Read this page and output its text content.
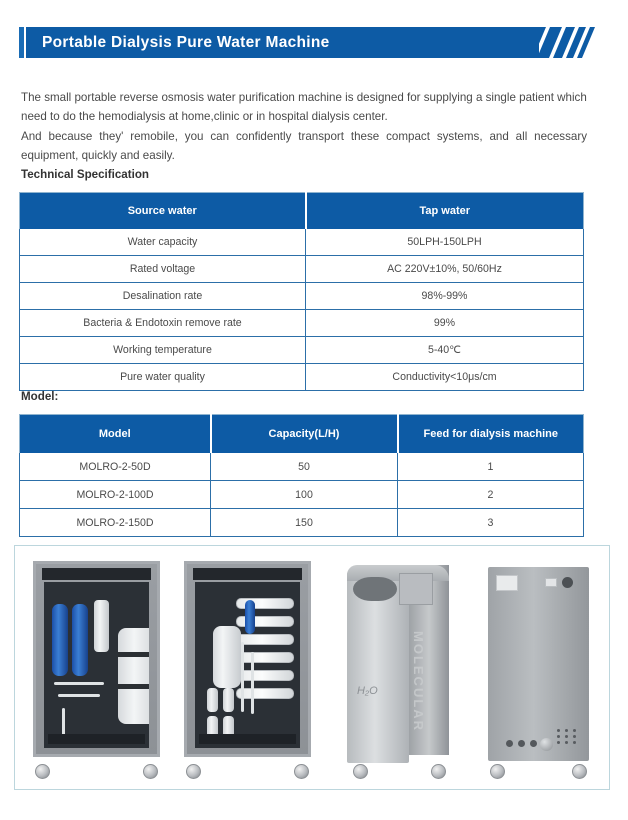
Portable Dialysis Pure Water Machine

The small portable reverse osmosis water purification machine is designed for supplying a single patient which need to do the hemodialysis at home,clinic or in hospital dialysis center.

And because they' remobile, you can confidently transport these compact systems, and all necessary equipment, quickly and easily.

Technical Specification
Source water	Tap water
Water capacity	50LPH-150LPH
Rated voltage	AC 220V±10%, 50/60Hz
Desalination rate	98%-99%
Bacteria & Endotoxin remove rate	99%
Working temperature	5-40℃
Pure water quality	Conductivity<10μs/cm
Model:
Model	Capacity(L/H)	Feed for dialysis machine
MOLRO-2-50D	50	1
MOLRO-2-100D	100	2
MOLRO-2-150D	150	3
MOLECULAR
H₂O
